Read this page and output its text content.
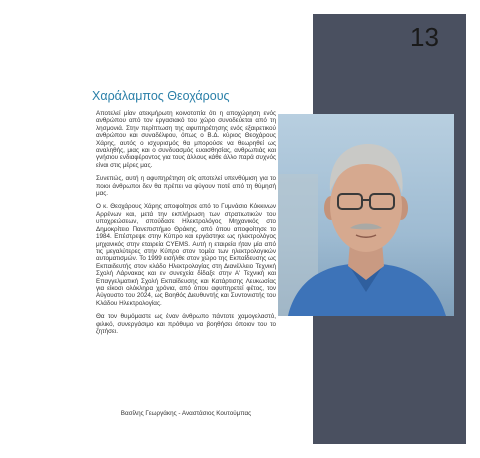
13
Χαράλαμπος Θεοχάρους

Αποτελεί μίαν ατεκμήρωτη κοινοτοπία ότι η αποχώρηση ενός ανθρώπου από τον εργασιακό του χώρο συνοδεύεται από τη λησμονιά. Στην περίπτωση της αφυπηρέτησης ενός εξαιρετικού ανθρώπου και συναδέλφου, όπως ο Β.Δ. κύριος Θεοχάρους Χάρης, αυτός ο ισχυρισμός θα μπορούσε να θεωρηθεί ως αναληθής, μιας και ο συνδυασμός ευαισθησίας, ανθρωπιάς και γνήσιου ενδιαφέροντος για τους άλλους κάθε άλλο παρά συχνός είναι στις μέρες μας.

Συνεπώς, αυτή η αφυπηρέτηση σίς αποτελεί υπενθύμιση για το ποιοι άνθρωποι δεν θα πρέπει να φύγουν ποτέ από τη θύμησή μας.

Ο κ. Θεοχάρους Χάρης αποφοίτησε από το Γυμνάσιο Κόκκινων Αρρένων και, μετά την εκπλήρωση των στρατιωτικών του υποχρεώσεων, σπούδασε Ηλεκτρολόγος Μηχανικός στο Δημοκρίτειο Πανεπιστήμιο Θράκης, από όπου αποφοίτησε το 1984. Επέστρεψε στην Κύπρο και εργάστηκε ως ηλεκτρολόγος μηχανικός στην εταιρεία CYEMS. Αυτή η εταιρεία ήταν μία από τις μεγαλύτερες στην Κύπρο στον τομέα των ηλεκτρολογικών αυτοματισμών. Το 1999 εισήλθε στον χώρο της Εκπαίδευσης ως Εκπαιδευτής στον κλάδο Ηλεκτρολογίας στη Διανέλλειο Τεχνική Σχολή Λάρνακας και εν συνεχεία δίδαξε στην Α' Τεχνική και Επαγγελματική Σχολή Εκπαίδευσης και Κατάρτισης Λευκωσίας για είκοσι ολόκληρα χρόνια, από όπου αφυπηρετεί φέτος, τον Αύγουστο του 2024, ως Βοηθός Διευθυντής και Συντονιστής του Κλάδου Ηλεκτρολογίας.

Θα τον θυμόμαστε ως έναν άνθρωπο πάντοτε χαμογελαστό, φιλικό, συνεργάσιμο και πρόθυμο να βοηθήσει όποιον του το ζητήσει.

Βασίλης Γεωργάκης - Αναστάσιος Κουτούμπας
